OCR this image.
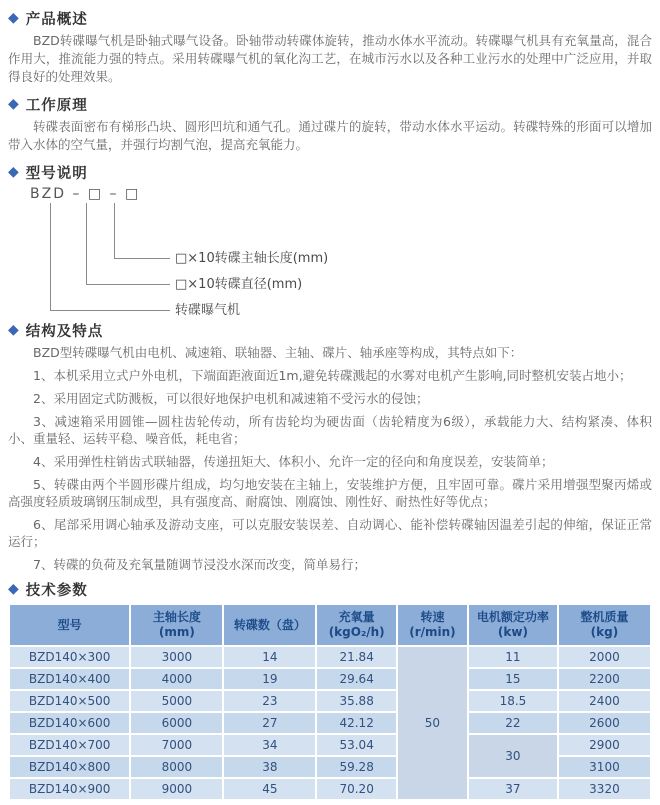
◆ 产品概述

BZD转碟曝气机是卧轴式曝气设备。卧轴带动转碟体旋转，推动水体水平流动。转碟曝气机具有充氧量高，混合作用大，推流能力强的特点。采用转碟曝气机的氧化沟工艺，在城市污水以及各种工业污水的处理中广泛应用，并取得良好的处理效果。

◆ 工作原理

转碟表面密布有梯形凸块、圆形凹坑和通气孔。通过碟片的旋转，带动水体水平运动。转碟特殊的形面可以增加带入水体的空气量，并强行均割气泡，提高充氧能力。

◆ 型号说明
BZD – □ – □
□×10转碟主轴长度(mm)
□×10转碟直径(mm)
转碟曝气机
◆ 结构及特点

BZD型转碟曝气机由电机、减速箱、联轴器、主轴、碟片、轴承座等构成，其特点如下：

1、本机采用立式户外电机，下端面距液面近1m,避免转碟溅起的水雾对电机产生影响,同时整机安装占地小；

2、采用固定式防溅板，可以很好地保护电机和减速箱不受污水的侵蚀；

3、减速箱采用圆锥—圆柱齿轮传动，所有齿轮均为硬齿面（齿轮精度为6级），承载能力大、结构紧凑、体积小、重量轻、运转平稳、噪音低，耗电省；

4、采用弹性柱销齿式联轴器，传递扭矩大、体积小、允许一定的径向和角度误差，安装简单；

5、转碟由两个半圆形碟片组成，均匀地安装在主轴上，安装维护方便，且牢固可靠。碟片采用增强型聚丙烯或高强度轻质玻璃钢压制成型，具有强度高、耐腐蚀、刚腐蚀、刚性好、耐热性好等优点；

6、尾部采用调心轴承及游动支座，可以克服安装误差、自动调心、能补偿转碟轴因温差引起的伸缩，保证正常运行；

7、转碟的负荷及充氧量随调节浸没水深而改变，简单易行；

◆ 技术参数
型号

主轴长度
(mm)

转碟数（盘）

充氧量
(kgO₂/h)

转速
(r/min)

电机额定功率
(kw)

整机质量
(kg)

BZD140×300	3000	14	21.84	50	11	2000
BZD140×400	4000	19	29.64		15	2200
BZD140×500	5000	23	35.88		18.5	2400
BZD140×600	6000	27	42.12		22	2600
BZD140×700	7000	34	53.04		30	2900
BZD140×800	8000	38	59.28			3100
BZD140×900	9000	45	70.20		37	3320
